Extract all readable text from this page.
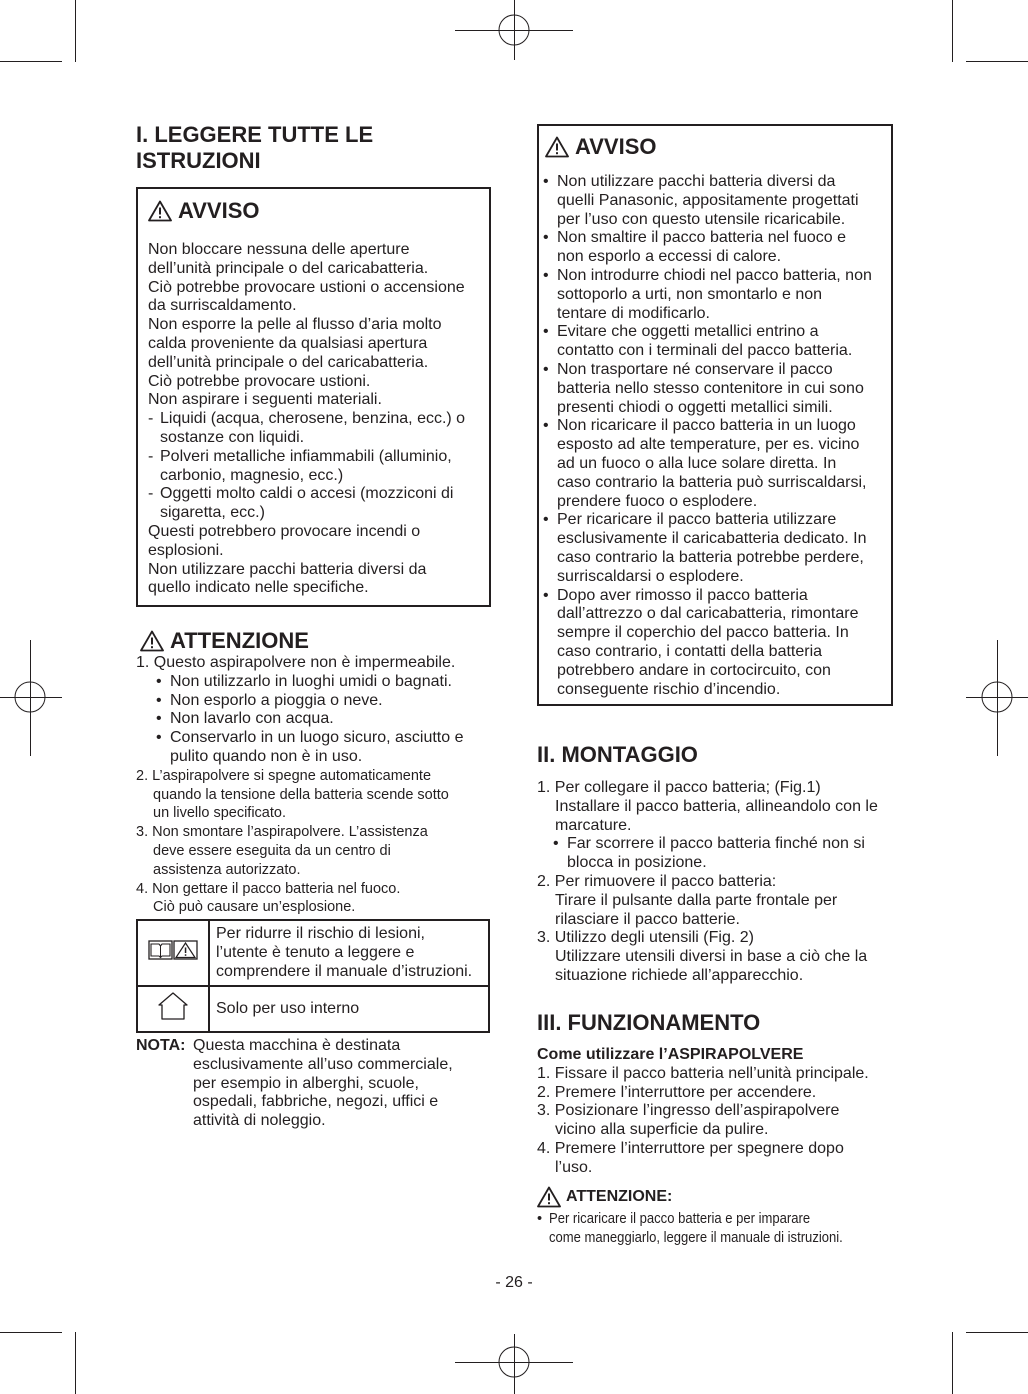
I. LEGGERE TUTTE LE
ISTRUZIONI
AVVISO
Non bloccare nessuna delle aperture
dell’unità principale o del caricabatteria.
Ciò potrebbe provocare ustioni o accensione
da surriscaldamento.
Non esporre la pelle al flusso d’aria molto
calda proveniente da qualsiasi apertura
dell’unità principale o del caricabatteria.
Ciò potrebbe provocare ustioni.
Non aspirare i seguenti materiali.
- Liquidi (acqua, cherosene, benzina, ecc.) o
sostanze con liquidi.
- Polveri metalliche infiammabili (alluminio,
carbonio, magnesio, ecc.)
- Oggetti molto caldi o accesi (mozziconi di
sigaretta, ecc.)
Questi potrebbero provocare incendi o
esplosioni.
Non utilizzare pacchi batteria diversi da
quello indicato nelle specifiche.
ATTENZIONE
1. Questo aspirapolvere non è impermeabile.
• Non utilizzarlo in luoghi umidi o bagnati.
• Non esporlo a pioggia o neve.
• Non lavarlo con acqua.
• Conservarlo in un luogo sicuro, asciutto e
pulito quando non è in uso.
2. L’aspirapolvere si spegne automaticamente
quando la tensione della batteria scende sotto
un livello specificato.
3. Non smontare l’aspirapolvere. L’assistenza
deve essere eseguita da un centro di
assistenza autorizzato.
4. Non gettare il pacco batteria nel fuoco.
Ciò può causare un’esplosione.

Per ridurre il rischio di lesioni,
l’utente è tenuto a leggere e
comprendere il manuale d’istruzioni.

Solo per uso interno
NOTA: Questa macchina è destinata
esclusivamente all’uso commerciale,
per esempio in alberghi, scuole,
ospedali, fabbriche, negozi, uffici e
attività di noleggio.
AVVISO
• Non utilizzare pacchi batteria diversi da
quelli Panasonic, appositamente progettati
per l’uso con questo utensile ricaricabile.
• Non smaltire il pacco batteria nel fuoco e
non esporlo a eccessi di calore.
• Non introdurre chiodi nel pacco batteria, non
sottoporlo a urti, non smontarlo e non
tentare di modificarlo.
• Evitare che oggetti metallici entrino a
contatto con i terminali del pacco batteria.
• Non trasportare né conservare il pacco
batteria nello stesso contenitore in cui sono
presenti chiodi o oggetti metallici simili.
• Non ricaricare il pacco batteria in un luogo
esposto ad alte temperature, per es. vicino
ad un fuoco o alla luce solare diretta. In
caso contrario la batteria può surriscaldarsi,
prendere fuoco o esplodere.
• Per ricaricare il pacco batteria utilizzare
esclusivamente il caricabatteria dedicato. In
caso contrario la batteria potrebbe perdere,
surriscaldarsi o esplodere.
• Dopo aver rimosso il pacco batteria
dall’attrezzo o dal caricabatteria, rimontare
sempre il coperchio del pacco batteria. In
caso contrario, i contatti della batteria
potrebbero andare in cortocircuito, con
conseguente rischio d’incendio.
II. MONTAGGIO
1. Per collegare il pacco batteria; (Fig.1)
Installare il pacco batteria, allineandolo con le
marcature.
• Far scorrere il pacco batteria finché non si
blocca in posizione.
2. Per rimuovere il pacco batteria:
Tirare il pulsante dalla parte frontale per
rilasciare il pacco batterie.
3. Utilizzo degli utensili (Fig. 2)
Utilizzare utensili diversi in base a ciò che la
situazione richiede all’apparecchio.
III. FUNZIONAMENTO
Come utilizzare l’ASPIRAPOLVERE
1. Fissare il pacco batteria nell’unità principale.
2. Premere l’interruttore per accendere.
3. Posizionare l’ingresso dell’aspirapolvere
vicino alla superficie da pulire.
4. Premere l’interruttore per spegnere dopo
l’uso.
ATTENZIONE:
• Per ricaricare il pacco batteria e per imparare
come maneggiarlo, leggere il manuale di istruzioni.
- 26 -
